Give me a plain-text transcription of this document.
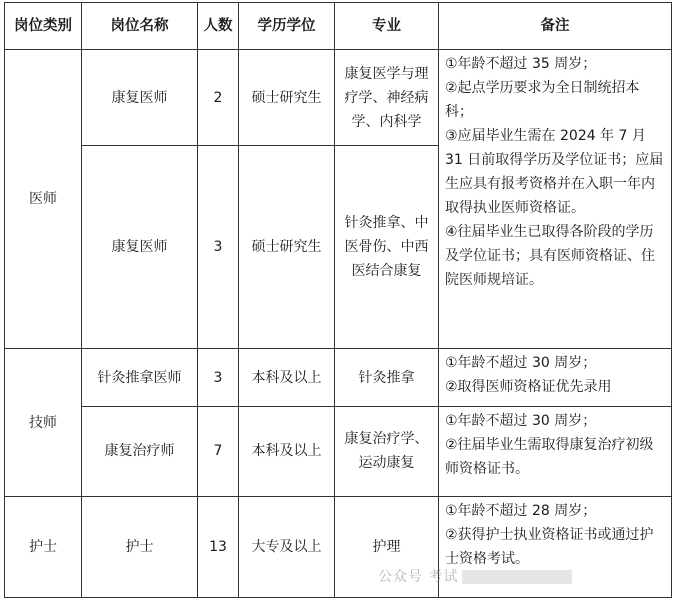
岗位类别	岗位名称	人数	学历学位	专业	备注
医师	康复医师	2	硕士研究生	康复医学与理疗学、神经病学、内科学	①年龄不超过 35 周岁；
②起点学历要求为全日制统招本科；
③应届毕业生需在 2024 年 7 月 31 日前取得学历及学位证书；应届生应具有报考资格并在入职一年内取得执业医师资格证。
④往届毕业生已取得各阶段的学历及学位证书；具有医师资格证、住院医师规培证。

	康复医师	3	硕士研究生	针灸推拿、中医骨伤、中西医结合康复	
技师	针灸推拿医师	3	本科及以上	针灸推拿	①年龄不超过 30 周岁；
②取得医师资格证优先录用

	康复治疗师	7	本科及以上	康复治疗学、运动康复	①年龄不超过 30 周岁；
②往届毕业生需取得康复治疗初级师资格证书。

护士	护士	13	大专及以上	护理	①年龄不超过 28 周岁；
②获得护士执业资格证书或通过护士资格考试。
公众号 考试
